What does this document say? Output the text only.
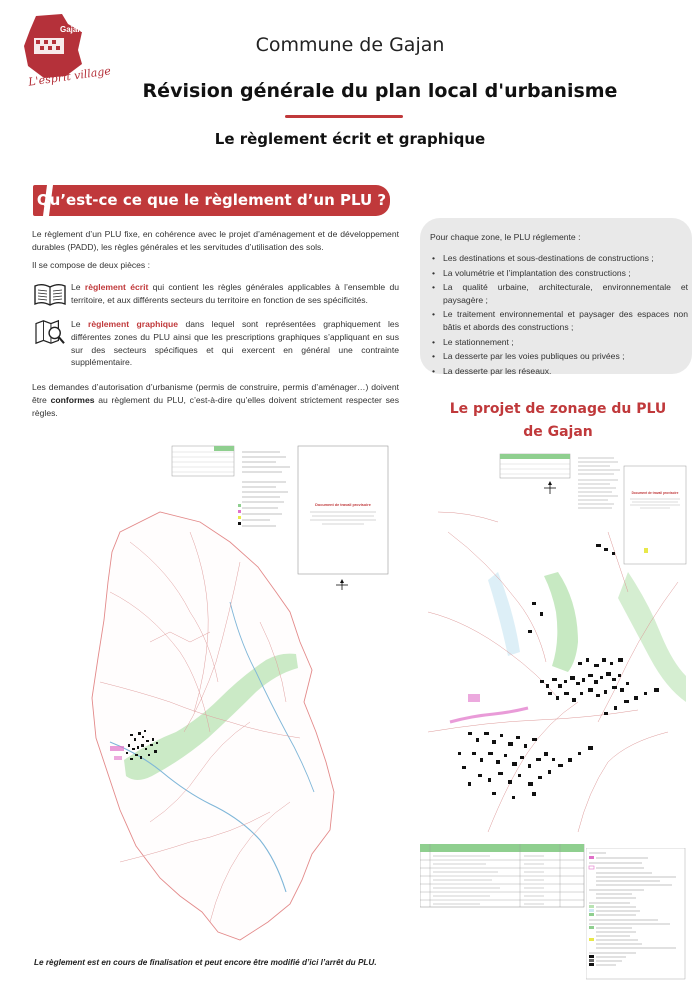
Gajan
L'esprit village
Commune de Gajan
Révision générale du plan local d'urbanisme
Le règlement écrit et graphique
Qu’est-ce ce que le règlement d’un PLU ?
Le règlement d’un PLU fixe, en cohérence avec le projet d’aménagement et de développement durables (PADD), les règles générales et les servitudes d’utilisation des sols.
Il se compose de deux pièces :
Le règlement écrit qui contient les règles générales applicables à l’ensemble du territoire, et aux différents secteurs du territoire en fonction de ses spécificités.
Le règlement graphique dans lequel sont représentées graphiquement les différentes zones du PLU ainsi que les prescriptions graphiques s’appliquant en sus sur des secteurs spécifiques et qui exercent en général une contrainte supplémentaire.
Les demandes d’autorisation d’urbanisme (permis de construire, permis d’aménager…) doivent être conformes au règlement du PLU, c’est-à-dire qu’elles doivent strictement respecter ses règles.
Pour chaque zone, le PLU réglemente :
• Les destinations et sous-destinations de constructions ;
• La volumétrie et l’implantation des constructions ;
• La qualité urbaine, architecturale, environnementale et paysagère ;
• Le traitement environnemental et paysager des espaces non bâtis et abords des constructions ;
• Le stationnement ;
• La desserte par les voies publiques ou privées ;
• La desserte par les réseaux.
Le projet de zonage du PLU
de Gajan
Document de travail provisoire
Document de travail provisoire
Le règlement est en cours de finalisation et peut encore être modifié d’ici l’arrêt du PLU.
